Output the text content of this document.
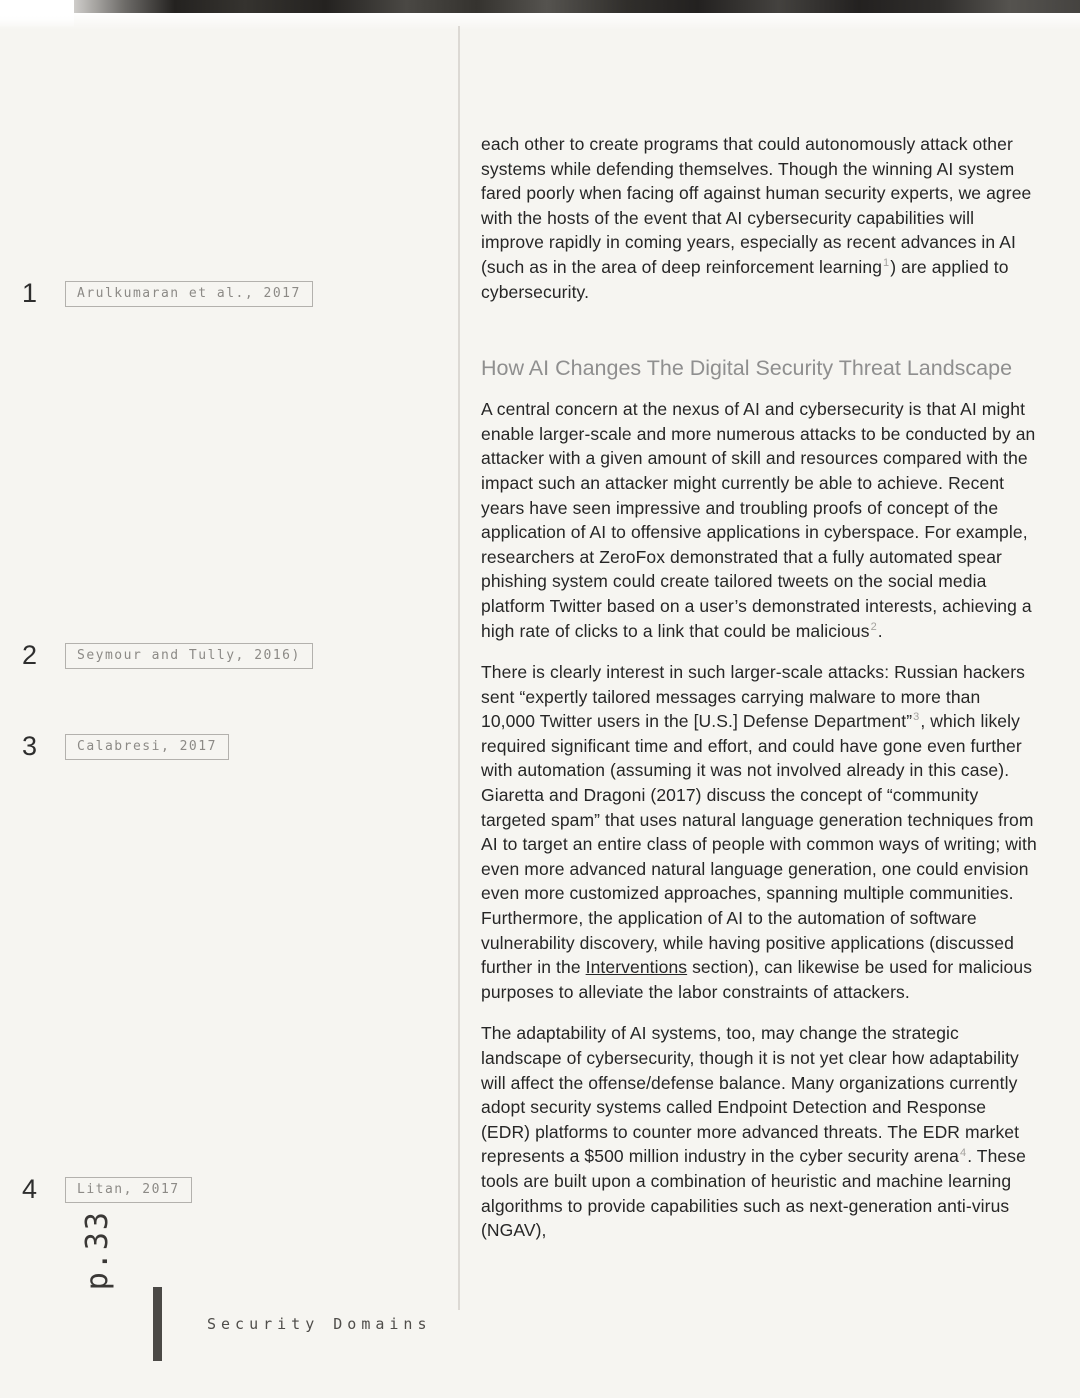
1	Arulkumaran et al., 2017
2	Seymour and Tully, 2016)
3	Calabresi, 2017
4	Litan, 2017

each other to create programs that could autonomously attack other systems while defending themselves. Though the winning AI system fared poorly when facing off against human security experts, we agree with the hosts of the event that AI cybersecurity capabilities will improve rapidly in coming years, especially as recent advances in AI (such as in the area of deep reinforcement learning$^1$) are applied to cybersecurity.

How AI Changes The Digital Security Threat Landscape

A central concern at the nexus of AI and cybersecurity is that AI might enable larger-scale and more numerous attacks to be conducted by an attacker with a given amount of skill and resources compared with the impact such an attacker might currently be able to achieve. Recent years have seen impressive and troubling proofs of concept of the application of AI to offensive applications in cyberspace. For example, researchers at ZeroFox demonstrated that a fully automated spear phishing system could create tailored tweets on the social media platform Twitter based on a user’s demonstrated interests, achieving a high rate of clicks to a link that could be malicious$^2$.

There is clearly interest in such larger-scale attacks: Russian hackers sent “expertly tailored messages carrying malware to more than 10,000 Twitter users in the [U.S.] Defense Department”$^3$, which likely required significant time and effort, and could have gone even further with automation (assuming it was not involved already in this case). Giaretta and Dragoni (2017) discuss the concept of “community targeted spam” that uses natural language generation techniques from AI to target an entire class of people with common ways of writing; with even more advanced natural language generation, one could envision even more customized approaches, spanning multiple communities. Furthermore, the application of AI to the automation of software vulnerability discovery, while having positive applications (discussed further in the Interventions section), can likewise be used for malicious purposes to alleviate the labor constraints of attackers.

The adaptability of AI systems, too, may change the strategic landscape of cybersecurity, though it is not yet clear how adaptability will affect the offense/defense balance. Many organizations currently adopt security systems called Endpoint Detection and Response (EDR) platforms to counter more advanced threats. The EDR market represents a $500 million industry in the cyber security arena$^4$. These tools are built upon a combination of heuristic and machine learning algorithms to provide capabilities such as next-generation anti-virus (NGAV),

p.33
Security Domains
